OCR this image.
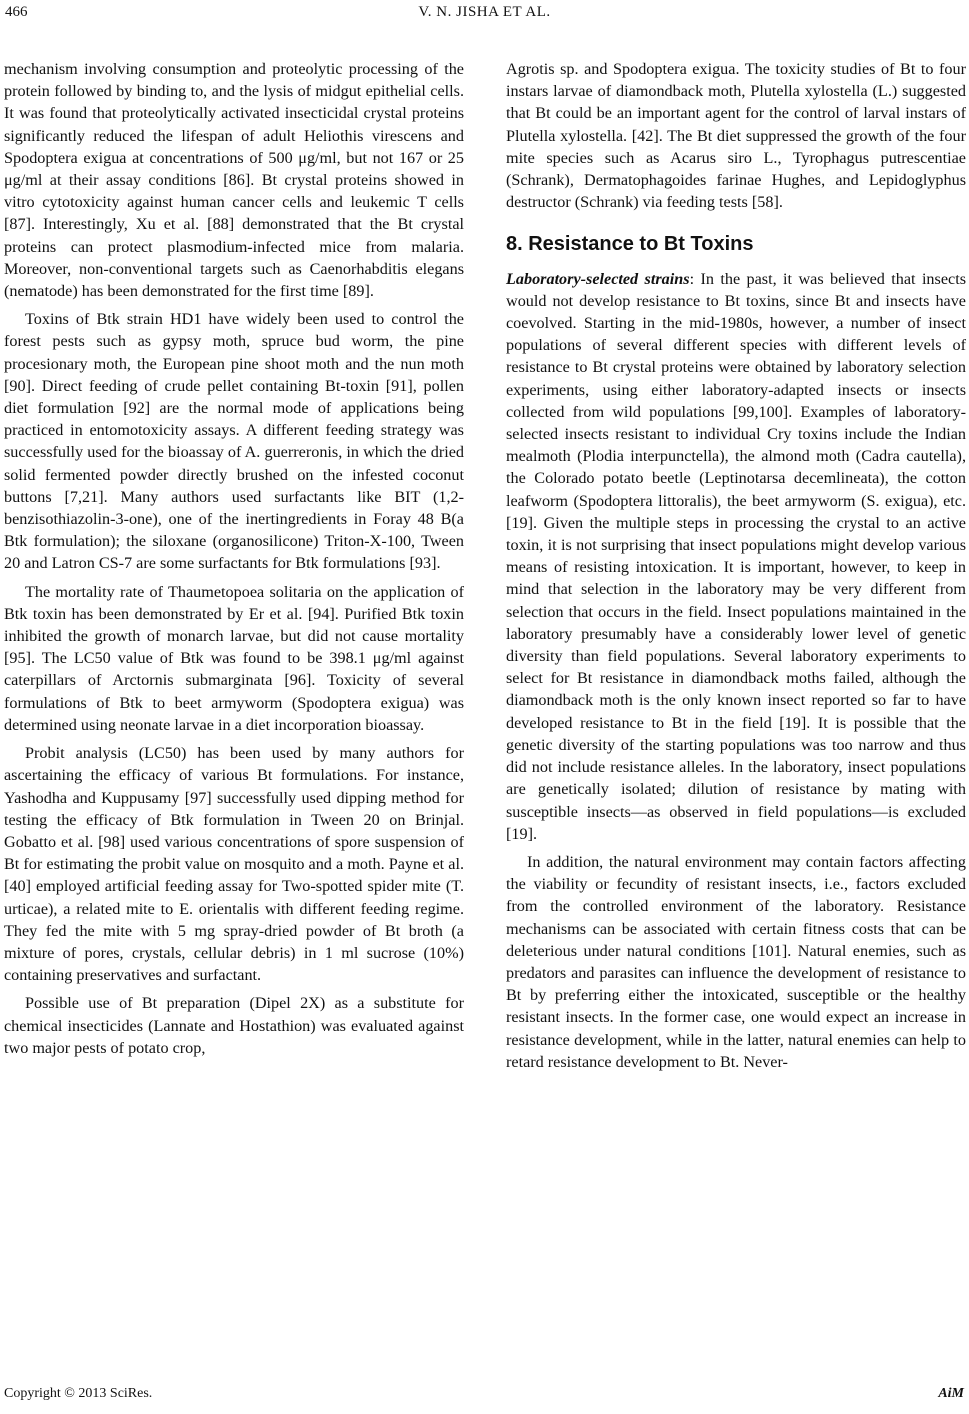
466	V. N. JISHA ET AL.

mechanism involving consumption and proteolytic processing of the protein followed by binding to, and the lysis of midgut epithelial cells. It was found that proteolytically activated insecticidal crystal proteins significantly reduced the lifespan of adult Heliothis virescens and Spodoptera exigua at concentrations of 500 μg/ml, but not 167 or 25 μg/ml at their assay conditions [86]. Bt crystal proteins showed in vitro cytotoxicity against human cancer cells and leukemic T cells [87]. Interestingly, Xu et al. [88] demonstrated that the Bt crystal proteins can protect plasmodium-infected mice from malaria. Moreover, non-conventional targets such as Caenorhabditis elegans (nematode) has been demonstrated for the first time [89].

Toxins of Btk strain HD1 have widely been used to control the forest pests such as gypsy moth, spruce bud worm, the pine procesionary moth, the European pine shoot moth and the nun moth [90]. Direct feeding of crude pellet containing Bt-toxin [91], pollen diet formulation [92] are the normal mode of applications being practiced in entomotoxicity assays. A different feeding strategy was successfully used for the bioassay of A. guerreronis, in which the dried solid fermented powder directly brushed on the infested coconut buttons [7,21]. Many authors used surfactants like BIT (1,2-benzisothiazolin-3-one), one of the inertingredients in Foray 48 B(a Btk formulation); the siloxane (organosilicone) Triton-X-100, Tween 20 and Latron CS-7 are some surfactants for Btk formulations [93].

The mortality rate of Thaumetopoea solitaria on the application of Btk toxin has been demonstrated by Er et al. [94]. Purified Btk toxin inhibited the growth of monarch larvae, but did not cause mortality [95]. The LC50 value of Btk was found to be 398.1 μg/ml against caterpillars of Arctornis submarginata [96]. Toxicity of several formulations of Btk to beet armyworm (Spodoptera exigua) was determined using neonate larvae in a diet incorporation bioassay.

Probit analysis (LC50) has been used by many authors for ascertaining the efficacy of various Bt formulations. For instance, Yashodha and Kuppusamy [97] successfully used dipping method for testing the efficacy of Btk formulation in Tween 20 on Brinjal. Gobatto et al. [98] used various concentrations of spore suspension of Bt for estimating the probit value on mosquito and a moth. Payne et al. [40] employed artificial feeding assay for Two-spotted spider mite (T. urticae), a related mite to E. orientalis with different feeding regime. They fed the mite with 5 mg spray-dried powder of Bt broth (a mixture of pores, crystals, cellular debris) in 1 ml sucrose (10%) containing preservatives and surfactant.

Possible use of Bt preparation (Dipel 2X) as a substitute for chemical insecticides (Lannate and Hostathion) was evaluated against two major pests of potato crop,

Agrotis sp. and Spodoptera exigua. The toxicity studies of Bt to four instars larvae of diamondback moth, Plutella xylostella (L.) suggested that Bt could be an important agent for the control of larval instars of Plutella xylostella. [42]. The Bt diet suppressed the growth of the four mite species such as Acarus siro L., Tyrophagus putrescentiae (Schrank), Dermatophagoides farinae Hughes, and Lepidoglyphus destructor (Schrank) via feeding tests [58].

8. Resistance to Bt Toxins

Laboratory-selected strains: In the past, it was believed that insects would not develop resistance to Bt toxins, since Bt and insects have coevolved. Starting in the mid-1980s, however, a number of insect populations of several different species with different levels of resistance to Bt crystal proteins were obtained by laboratory selection experiments, using either laboratory-adapted insects or insects collected from wild populations [99,100]. Examples of laboratory-selected insects resistant to individual Cry toxins include the Indian mealmoth (Plodia interpunctella), the almond moth (Cadra cautella), the Colorado potato beetle (Leptinotarsa decemlineata), the cotton leafworm (Spodoptera littoralis), the beet armyworm (S. exigua), etc. [19]. Given the multiple steps in processing the crystal to an active toxin, it is not surprising that insect populations might develop various means of resisting intoxication. It is important, however, to keep in mind that selection in the laboratory may be very different from selection that occurs in the field. Insect populations maintained in the laboratory presumably have a considerably lower level of genetic diversity than field populations. Several laboratory experiments to select for Bt resistance in diamondback moths failed, although the diamondback moth is the only known insect reported so far to have developed resistance to Bt in the field [19]. It is possible that the genetic diversity of the starting populations was too narrow and thus did not include resistance alleles. In the laboratory, insect populations are genetically isolated; dilution of resistance by mating with susceptible insects—as observed in field populations—is excluded [19].

In addition, the natural environment may contain factors affecting the viability or fecundity of resistant insects, i.e., factors excluded from the controlled environment of the laboratory. Resistance mechanisms can be associated with certain fitness costs that can be deleterious under natural conditions [101]. Natural enemies, such as predators and parasites can influence the development of resistance to Bt by preferring either the intoxicated, susceptible or the healthy resistant insects. In the former case, one would expect an increase in resistance development, while in the latter, natural enemies can help to retard resistance development to Bt. Never-

Copyright © 2013 SciRes.	AiM
